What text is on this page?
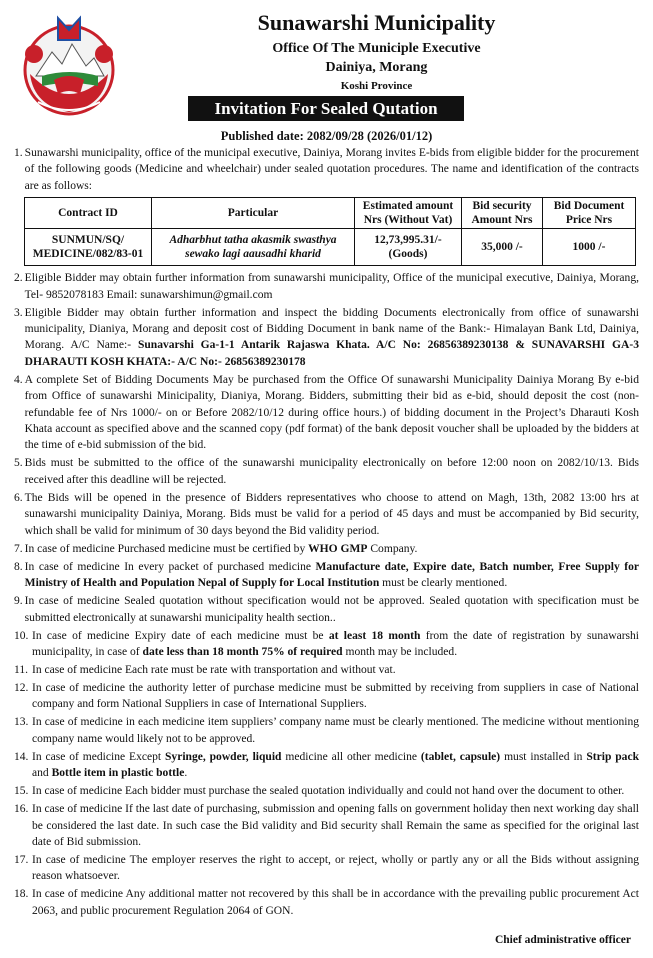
Sunawarshi Municipality
Office Of The Municiple Executive
Dainiya, Morang
Koshi Province
Invitation For Sealed Qutation
Published date: 2082/09/28 (2026/01/12)
1. Sunawarshi municipality, office of the municipal executive, Dainiya, Morang invites E-bids from eligible bidder for the procurement of the following goods (Medicine and wheelchair) under sealed quotation procedures. The name and identification of the contracts are as follows:
Contract ID	Particular	Estimated amount Nrs (Without Vat)	Bid security Amount Nrs	Bid Document Price Nrs
SUNMUN/SQ/ MEDICINE/082/83-01	Adharbhut tatha akasmik swasthya sewako lagi aausadhi kharid	12,73,995.31/- (Goods)	35,000 /-	1000 /-
2. Eligible Bidder may obtain further information from sunawarshi municipality, Office of the municipal executive, Dainiya, Morang, Tel- 9852078183 Email: sunawarshimun@gmail.com
3. Eligible Bidder may obtain further information and inspect the bidding Documents electronically from office of sunawarshi municipality, Dianiya, Morang and deposit cost of Bidding Document in bank name of the Bank:- Himalayan Bank Ltd, Dainiya, Morang. A/C Name:- Sunavarshi Ga-1-1 Antarik Rajaswa Khata. A/C No: 26856389230138 & SUNAVARSHI GA-3 DHARAUTI KOSH KHATA:- A/C No:- 26856389230178
4. A complete Set of Bidding Documents May be purchased from the Office Of sunawarshi Municipality Dainiya Morang By e-bid from Office of sunawarshi Minicipality, Dianiya, Morang. Bidders, submitting their bid as e-bid, should deposit the cost (non-refundable fee of Nrs 1000/- on or Before 2082/10/12 during office hours.) of bidding document in the Project’s Dharauti Kosh Khata account as specified above and the scanned copy (pdf format) of the bank deposit voucher shall be uploaded by the bidders at the time of e-bid submission of the bid.
5. Bids must be submitted to the office of the sunawarshi municipality electronically on before 12:00 noon on 2082/10/13. Bids received after this deadline will be rejected.
6. The Bids will be opened in the presence of Bidders representatives who choose to attend on Magh, 13th, 2082 13:00 hrs at sunawarshi municipality Dainiya, Morang. Bids must be valid for a period of 45 days and must be accompanied by Bid security, which shall be valid for minimum of 30 days beyond the Bid validity period.
7. In case of medicine Purchased medicine must be certified by WHO GMP Company.
8. In case of medicine In every packet of purchased medicine Manufacture date, Expire date, Batch number, Free Supply for Ministry of Health and Population Nepal of Supply for Local Institution must be clearly mentioned.
9. In case of medicine Sealed quotation without specification would not be approved. Sealed quotation with specification must be submitted electronically at sunawarshi municipality health section..
10. In case of medicine Expiry date of each medicine must be at least 18 month from the date of registration by sunawarshi municipality, in case of date less than 18 month 75% of required month may be included.
11. In case of medicine Each rate must be rate with transportation and without vat.
12. In case of medicine the authority letter of purchase medicine must be submitted by receiving from suppliers in case of National company and form National Suppliers in case of International Suppliers.
13. In case of medicine in each medicine item suppliers’ company name must be clearly mentioned. The medicine without mentioning company name would likely not to be approved.
14. In case of medicine Except Syringe, powder, liquid medicine all other medicine (tablet, capsule) must installed in Strip pack and Bottle item in plastic bottle.
15. In case of medicine Each bidder must purchase the sealed quotation individually and could not hand over the document to other.
16. In case of medicine If the last date of purchasing, submission and opening falls on government holiday then next working day shall be considered the last date. In such case the Bid validity and Bid security shall Remain the same as specified for the original last date of Bid submission.
17. In case of medicine The employer reserves the right to accept, or reject, wholly or partly any or all the Bids without assigning reason whatsoever.
18. In case of medicine Any additional matter not recovered by this shall be in accordance with the prevailing public procurement Act 2063, and public procurement Regulation 2064 of GON.
Chief administrative officer
